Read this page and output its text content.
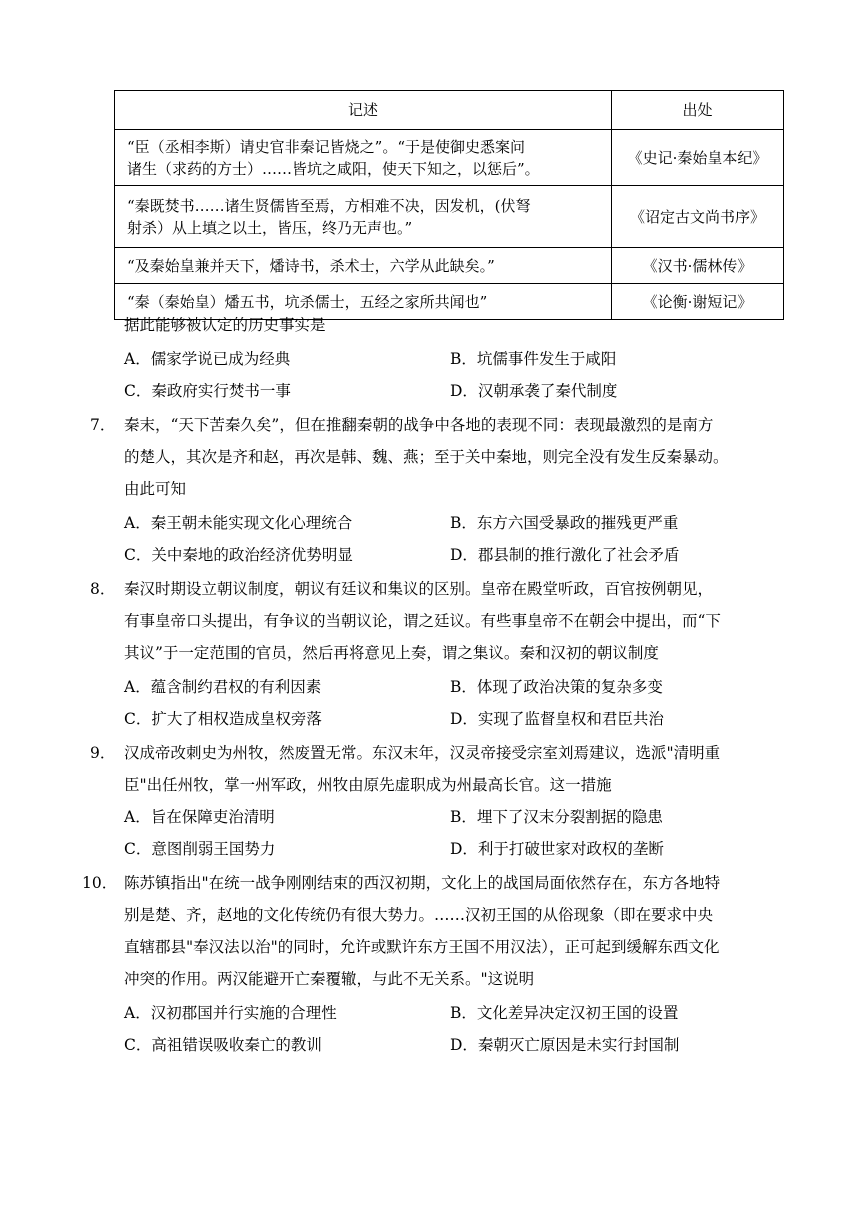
记述	出处

“臣（丞相李斯）请史官非秦记皆烧之”。“于是使御史悉案问
诸生（求药的方士）……皆坑之咸阳，使天下知之，以惩后”。	《史记·秦始皇本纪》

“秦既焚书……诸生贤儒皆至焉，方相难不决，因发机，(伏弩
射杀）从上填之以土，皆压，终乃无声也。”	《诏定古文尚书序》
“及秦始皇兼并天下，燔诗书，杀术士，六学从此缺矣。”	《汉书·儒林传》
“秦（秦始皇）燔五书，坑杀儒士，五经之家所共闻也”	《论衡·谢短记》
据此能够被认定的历史事实是
A．儒家学说已成为经典	B．坑儒事件发生于咸阳
C．秦政府实行焚书一事	D．汉朝承袭了秦代制度
7． 秦末，“天下苦秦久矣”，但在推翻秦朝的战争中各地的表现不同：表现最激烈的是南方
的楚人，其次是齐和赵，再次是韩、魏、燕；至于关中秦地，则完全没有发生反秦暴动。
由此可知
A．秦王朝未能实现文化心理统合	B．东方六国受暴政的摧残更严重
C．关中秦地的政治经济优势明显	D．郡县制的推行激化了社会矛盾
8． 秦汉时期设立朝议制度，朝议有廷议和集议的区别。皇帝在殿堂听政，百官按例朝见，
有事皇帝口头提出，有争议的当朝议论，谓之廷议。有些事皇帝不在朝会中提出，而“下
其议”于一定范围的官员，然后再将意见上奏，谓之集议。秦和汉初的朝议制度
A．蕴含制约君权的有利因素	B．体现了政治决策的复杂多变
C．扩大了相权造成皇权旁落	D．实现了监督皇权和君臣共治
9． 汉成帝改刺史为州牧，然废置无常。东汉末年，汉灵帝接受宗室刘焉建议，选派"清明重
臣"出任州牧，掌一州军政，州牧由原先虚职成为州最高长官。这一措施
A．旨在保障吏治清明	B．埋下了汉末分裂割据的隐患
C．意图削弱王国势力	D．利于打破世家对政权的垄断
10． 陈苏镇指出"在统一战争刚刚结束的西汉初期，文化上的战国局面依然存在，东方各地特
别是楚、齐，赵地的文化传统仍有很大势力。……汉初王国的从俗现象（即在要求中央
直辖郡县"奉汉法以治"的同时，允许或默许东方王国不用汉法），正可起到缓解东西文化
冲突的作用。两汉能避开亡秦覆辙，与此不无关系。"这说明
A．汉初郡国并行实施的合理性	B．文化差异决定汉初王国的设置
C．高祖错误吸收秦亡的教训	D．秦朝灭亡原因是未实行封国制
